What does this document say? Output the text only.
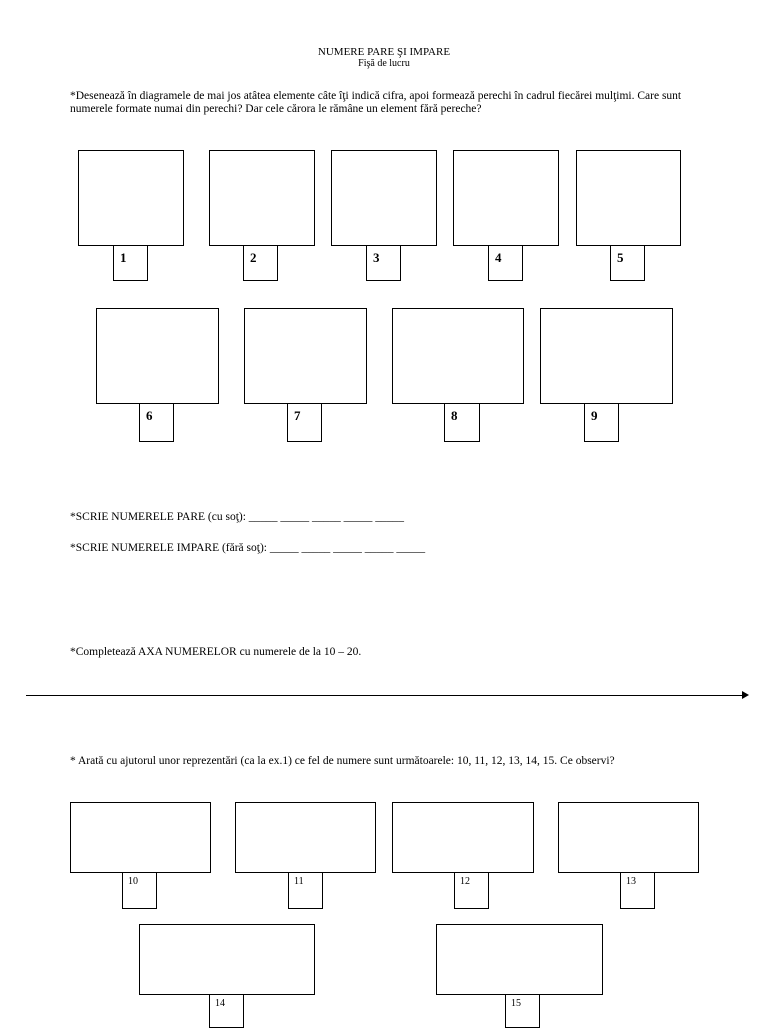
NUMERE PARE ŞI IMPARE
Fişă de lucru
*Desenează în diagramele de mai jos atâtea elemente câte îţi indică cifra, apoi formează perechi în cadrul fiecărei mulţimi. Care sunt numerele formate numai din perechi? Dar cele cărora le rămâne un element fără pereche?
1	2	3	4	5
6	7	8	9
*SCRIE NUMERELE PARE (cu soţ): _____ _____ _____ _____ _____
*SCRIE NUMERELE IMPARE (fără soţ): _____ _____ _____ _____ _____
*Completează AXA NUMERELOR cu numerele de la 10 – 20.
* Arată cu ajutorul unor reprezentări (ca la ex.1) ce fel de numere sunt următoarele: 10, 11, 12, 13, 14, 15. Ce observi?
10	11	12	13
14	15
